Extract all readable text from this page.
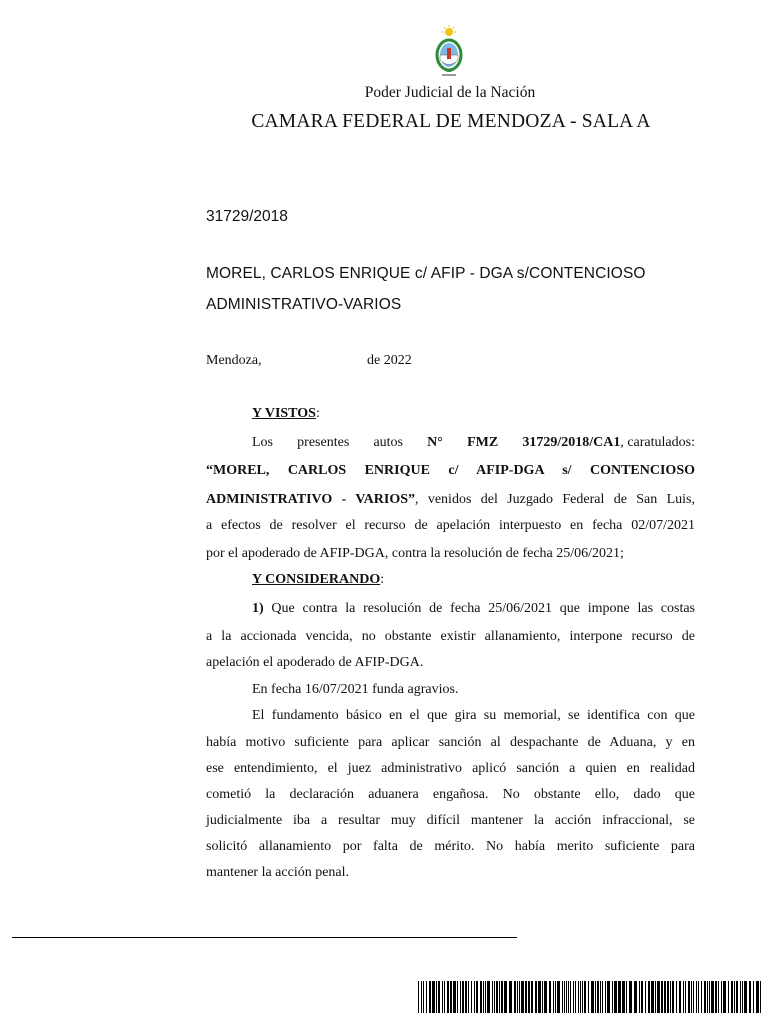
Poder Judicial de la Nación
CAMARA FEDERAL DE MENDOZA - SALA A
31729/2018
MOREL, CARLOS ENRIQUE c/ AFIP - DGA s/CONTENCIOSO
ADMINISTRATIVO-VARIOS
Mendoza,	de 2022
Y VISTOS:
Los presentes autos N° FMZ 31729/2018/CA1, caratulados:
“MOREL, CARLOS ENRIQUE c/ AFIP-DGA s/ CONTENCIOSO
ADMINISTRATIVO - VARIOS”, venidos del Juzgado Federal de San Luis,
a efectos de resolver el recurso de apelación interpuesto en fecha 02/07/2021
por el apoderado de AFIP-DGA, contra la resolución de fecha 25/06/2021;
Y CONSIDERANDO:
1) Que contra la resolución de fecha 25/06/2021 que impone las costas
a la accionada vencida, no obstante existir allanamiento, interpone recurso de
apelación el apoderado de AFIP-DGA.
En fecha 16/07/2021 funda agravios.
El fundamento básico en el que gira su memorial, se identifica con que
había motivo suficiente para aplicar sanción al despachante de Aduana, y en
ese entendimiento, el juez administrativo aplicó sanción a quien en realidad
cometió la declaración aduanera engañosa. No obstante ello, dado que
judicialmente iba a resultar muy difícil mantener la acción infraccional, se
solicitó allanamiento por falta de mérito. No había merito suficiente para
mantener la acción penal.
